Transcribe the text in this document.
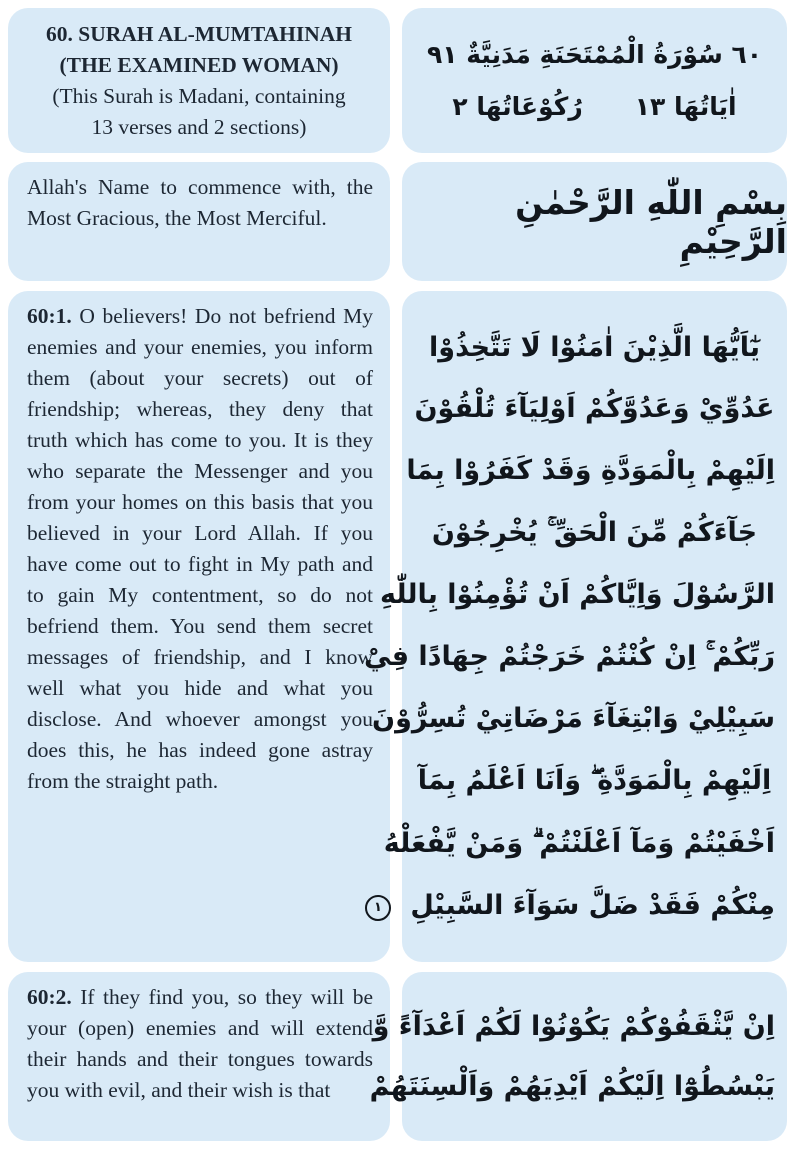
60. SURAH AL-MUMTAHINAH
(THE EXAMINED WOMAN)
(This Surah is Madani, containing
13 verses and 2 sections)
٦٠ سُوْرَةُ الْمُمْتَحَنَةِ مَدَنِيَّةٌ ٩١
اٰيَاتُهَا ١٣
رُكُوْعَاتُهَا ٢
Allah's Name to commence with, the Most Gracious, the Most Merciful.	بِسْمِ اللّٰهِ الرَّحْمٰنِ الرَّحِيْمِ
60:1. O believers! Do not befriend My enemies and your enemies, you inform them (about your secrets) out of friendship; whereas, they deny that truth which has come to you. It is they who separate the Messenger and you from your homes on this basis that you believed in your Lord Allah. If you have come out to fight in My path and to gain My contentment, so do not befriend them. You send them secret messages of friendship, and I know well what you hide and what you disclose. And whoever amongst you does this, he has indeed gone astray from the straight path.
يٰٓاَيُّهَا الَّذِيْنَ اٰمَنُوْا لَا تَتَّخِذُوْا
عَدُوِّيْ وَعَدُوَّكُمْ اَوْلِيَآءَ تُلْقُوْنَ
اِلَيْهِمْ بِالْمَوَدَّةِ وَقَدْ كَفَرُوْا بِمَا
جَآءَكُمْ مِّنَ الْحَقِّ ۚ يُخْرِجُوْنَ
الرَّسُوْلَ وَاِيَّاكُمْ اَنْ تُؤْمِنُوْا بِاللّٰهِ
رَبِّكُمْ ۚ اِنْ كُنْتُمْ خَرَجْتُمْ جِهَادًا فِيْ
سَبِيْلِيْ وَابْتِغَآءَ مَرْضَاتِيْ تُسِرُّوْنَ
اِلَيْهِمْ بِالْمَوَدَّةِ ۖ وَاَنَا اَعْلَمُ بِمَآ
اَخْفَيْتُمْ وَمَآ اَعْلَنْتُمْ ۗ وَمَنْ يَّفْعَلْهُ
مِنْكُمْ فَقَدْ ضَلَّ سَوَآءَ السَّبِيْلِ ١
60:2. If they find you, so they will be your (open) enemies and will extend their hands and their tongues towards you with evil, and their wish is that
اِنْ يَّثْقَفُوْكُمْ يَكُوْنُوْا لَكُمْ اَعْدَآءً وَّ
يَبْسُطُوْٓا اِلَيْكُمْ اَيْدِيَهُمْ وَاَلْسِنَتَهُمْ
